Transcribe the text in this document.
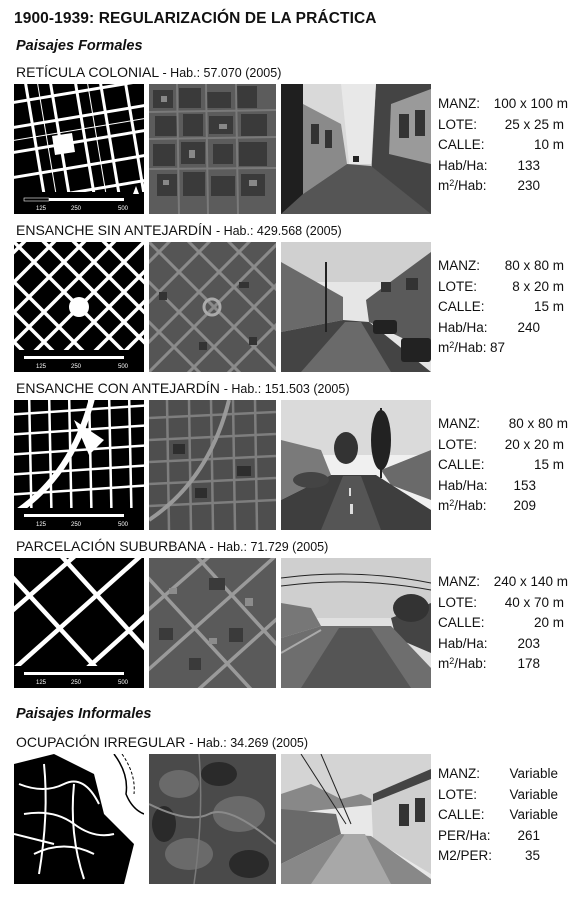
1900-1939: REGULARIZACIÓN DE LA PRÁCTICA
Paisajes Formales
Paisajes Informales
RETÍCULA COLONIAL - Hab.: 57.070 (2005)
ENSANCHE SIN ANTEJARDÍN - Hab.: 429.568 (2005)
ENSANCHE CON ANTEJARDÍN - Hab.: 151.503 (2005)
PARCELACIÓN SUBURBANA - Hab.: 71.729 (2005)
OCUPACIÓN IRREGULAR - Hab.: 34.269 (2005)
125	250	500
MANZ: 100 x 100 m
LOTE: 25 x 25 m
CALLE:	10 m
Hab/Ha: 133
$m^2$/Hab: 230
125	250	500
MANZ: 80 x 80 m
LOTE:	8 x 20 m
CALLE:	15 m
Hab/Ha: 240
$m^2$/Hab: 87
125	250	500
MANZ: 80 x 80 m
LOTE: 20 x 20 m
CALLE:	15 m
Hab/Ha: 153
$m^2$/Hab: 209
125	250	500
MANZ: 240 x 140 m
LOTE: 40 x 70 m
CALLE:	20 m
Hab/Ha: 203
$m^2$/Hab: 178
MANZ: Variable
LOTE: Variable
CALLE: Variable
PER/Ha: 261
M2/PER: 35
